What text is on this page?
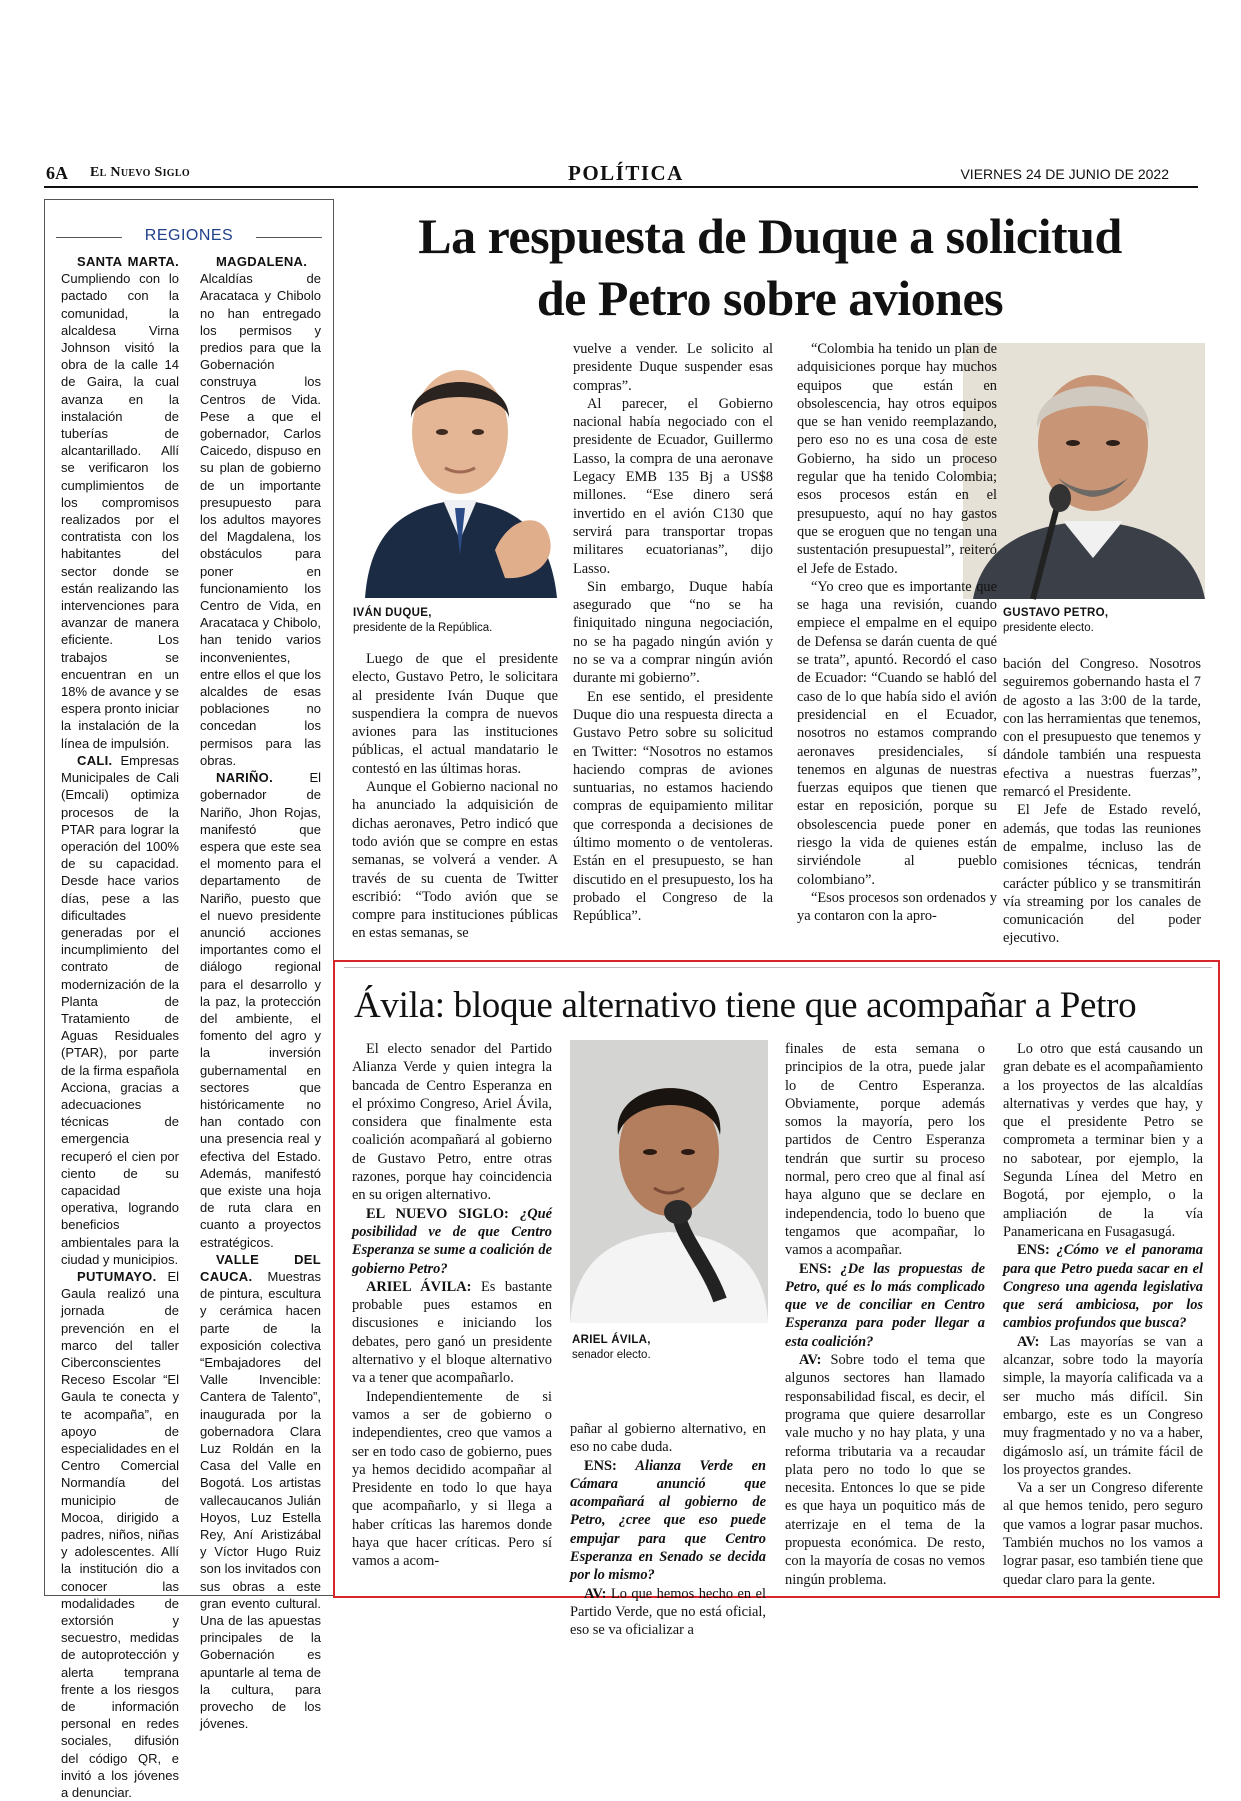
6A El Nuevo Siglo	POLÍTICA	VIERNES 24 DE JUNIO DE 2022
REGIONES

SANTA MARTA. Cumpliendo con lo pactado con la comunidad, la alcaldesa Virna Johnson visitó la obra de la calle 14 de Gaira, la cual avanza en la instalación de tuberías de alcantarillado. Allí se verificaron los cumplimientos de los compromisos realizados por el contratista con los habitantes del sector donde se están realizando las intervenciones para avanzar de manera eficiente. Los trabajos se encuentran en un 18% de avance y se espera pronto iniciar la instalación de la línea de impulsión.

CALI. Empresas Municipales de Cali (Emcali) optimiza procesos de la PTAR para lograr la operación del 100% de su capacidad. Desde hace varios días, pese a las dificultades generadas por el incumplimiento del contrato de modernización de la Planta de Tratamiento de Aguas Residuales (PTAR), por parte de la firma española Acciona, gracias a adecuaciones técnicas de emergencia recuperó el cien por ciento de su capacidad operativa, logrando beneficios ambientales para la ciudad y municipios.

PUTUMAYO. El Gaula realizó una jornada de prevención en el marco del taller Ciberconscientes Receso Escolar “El Gaula te conecta y te acompaña”, en apoyo de especialidades en el Centro Comercial Normandía del municipio de Mocoa, dirigido a padres, niños, niñas y adolescentes. Allí la institución dio a conocer las modalidades de extorsión y secuestro, medidas de autoprotección y alerta temprana frente a los riesgos de información personal en redes sociales, difusión del código QR, e invitó a los jóvenes a denunciar.

MAGDALENA. Alcaldías de Aracataca y Chibolo no han entregado los permisos y predios para que la Gobernación construya los Centros de Vida. Pese a que el gobernador, Carlos Caicedo, dispuso en su plan de gobierno de un importante presupuesto para los adultos mayores del Magdalena, los obstáculos para poner en funcionamiento los Centro de Vida, en Aracataca y Chibolo, han tenido varios inconvenientes, entre ellos el que los alcaldes de esas poblaciones no concedan los permisos para las obras.

NARIÑO.	El gobernador de Nariño, Jhon Rojas, manifestó que espera que este sea el momento para el departamento de Nariño, puesto que el nuevo presidente anunció acciones importantes como el diálogo regional para el desarrollo y la paz, la protección del ambiente, el fomento del agro y la inversión gubernamental en sectores que históricamente no han contado con una presencia real y efectiva del Estado. Además, manifestó que existe una hoja de ruta clara en cuanto a proyectos estratégicos.

VALLE DEL CAUCA. Muestras de pintura, escultura y cerámica hacen parte de la exposición colectiva “Embajadores del Valle Invencible: Cantera de Talento”, inaugurada por la gobernadora Clara Luz Roldán en la Casa del Valle en Bogotá. Los artistas vallecaucanos Julián Hoyos, Luz Estella Rey, Aní Aristizábal y Víctor Hugo Ruiz son los invitados con sus obras a este gran evento cultural. Una de las apuestas principales de la Gobernación es apuntarle al tema de la cultura, para provecho de los jóvenes.

La respuesta de Duque a solicitud
de Petro sobre aviones
IVÁN DUQUE,
presidente de la República.
GUSTAVO PETRO,
presidente electo.

Luego de que el presidente electo, Gustavo Petro, le solicitara al presidente Iván Duque que suspendiera la compra de nuevos aviones para las instituciones públicas, el actual mandatario le contestó en las últimas horas.

Aunque el Gobierno nacional no ha anunciado la adquisición de dichas aeronaves, Petro indicó que todo avión que se compre en estas semanas, se volverá a vender. A través de su cuenta de Twitter escribió: “Todo avión que se compre para instituciones públicas en estas semanas, se

vuelve a vender. Le solicito al presidente Duque suspender esas compras”.

Al parecer, el Gobierno nacional había negociado con el presidente de Ecuador, Guillermo Lasso, la compra de una aeronave Legacy EMB 135 Bj a US$8 millones. “Ese dinero será invertido en el avión C130 que servirá para transportar tropas militares ecuatorianas”, dijo Lasso.

Sin embargo, Duque había asegurado que “no se ha finiquitado ninguna negociación, no se ha pagado ningún avión y no se va a comprar ningún avión durante mi gobierno”.

En ese sentido, el presidente Duque dio una respuesta directa a Gustavo Petro sobre su solicitud en Twitter: “Nosotros no estamos haciendo compras de aviones suntuarias, no estamos haciendo compras de equipamiento militar que corresponda a decisiones de último momento o de ventoleras. Están en el presupuesto, se han discutido en el presupuesto, los ha probado el Congreso de la República”.

“Colombia ha tenido un plan de adquisiciones porque hay muchos equipos que están en obsolescencia, hay otros equipos que se han venido reemplazando, pero eso no es una cosa de este Gobierno, ha sido un proceso regular que ha tenido Colombia; esos procesos están en el presupuesto, aquí no hay gastos que se eroguen que no tengan una sustentación presupuestal”, reiteró el Jefe de Estado.

“Yo creo que es importante que se haga una revisión, cuando empiece el empalme en el equipo de Defensa se darán cuenta de qué se trata”, apuntó. Recordó el caso de Ecuador: “Cuando se habló del caso de lo que había sido el avión presidencial en el Ecuador, nosotros no estamos comprando aeronaves presidenciales, sí tenemos en algunas de nuestras fuerzas equipos que tienen que estar en reposición, porque su obsolescencia puede poner en riesgo la vida de quienes están sirviéndole al pueblo colombiano”.

“Esos procesos son ordenados y ya contaron con la apro-

bación del Congreso. Nosotros seguiremos gobernando hasta el 7 de agosto a las 3:00 de la tarde, con las herramientas que tenemos, con el presupuesto que tenemos y dándole también una respuesta efectiva a nuestras fuerzas”, remarcó el Presidente.

El Jefe de Estado reveló, además, que todas las reuniones de empalme, incluso las de comisiones técnicas, tendrán carácter público y se transmitirán vía streaming por los canales de comunicación del poder ejecutivo.

Ávila: bloque alternativo tiene que acompañar a Petro

El electo senador del Partido Alianza Verde y quien integra la bancada de Centro Esperanza en el próximo Congreso, Ariel Ávila, considera que finalmente esta coalición acompañará al gobierno de Gustavo Petro, entre otras razones, porque hay coincidencia en su origen alternativo.

EL NUEVO SIGLO: ¿Qué posibilidad ve de que Centro Esperanza se sume a coalición de gobierno Petro?

ARIEL ÁVILA: Es bastante probable pues estamos en discusiones e iniciando los debates, pero ganó un presidente alternativo y el bloque alternativo va a tener que acompañarlo.

Independientemente de si vamos a ser de gobierno o independientes, creo que vamos a ser en todo caso de gobierno, pues ya hemos decidido acompañar al Presidente en todo lo que haya que acompañarlo, y si llega a haber críticas las haremos donde haya que hacer críticas. Pero sí vamos a acom-

ARIEL ÁVILA,
senador electo.

pañar al gobierno alternativo, en eso no cabe duda.

ENS: Alianza Verde en Cámara anunció que acompañará al gobierno de Petro, ¿cree que eso puede empujar para que Centro Esperanza en Senado se decida por lo mismo?

AV: Lo que hemos hecho en el Partido Verde, que no está oficial, eso se va oficializar a

finales de esta semana o principios de la otra, puede jalar lo de Centro Esperanza. Obviamente, porque además somos la mayoría, pero los partidos de Centro Esperanza tendrán que surtir su proceso normal, pero creo que al final así haya alguno que se declare en independencia, todo lo bueno que tengamos que acompañar, lo vamos a acompañar.

ENS: ¿De las propuestas de Petro, qué es lo más complicado que ve de conciliar en Centro Esperanza para poder llegar a esta coalición?

AV: Sobre todo el tema que algunos sectores han llamado responsabilidad fiscal, es decir, el programa que quiere desarrollar vale mucho y no hay plata, y una reforma tributaria va a recaudar plata pero no todo lo que se necesita. Entonces lo que se pide es que haya un poquitico más de aterrizaje en el tema de la propuesta económica. De resto, con la mayoría de cosas no vemos ningún problema.

Lo otro que está causando un gran debate es el acompañamiento a los proyectos de las alcaldías alternativas y verdes que hay, y que el presidente Petro se comprometa a terminar bien y a no sabotear, por ejemplo, la Segunda Línea del Metro en Bogotá, por ejemplo, o la ampliación de la vía Panamericana en Fusagasugá.

ENS: ¿Cómo ve el panorama para que Petro pueda sacar en el Congreso una agenda legislativa que será ambiciosa, por los cambios profundos que busca?

AV: Las mayorías se van a alcanzar, sobre todo la mayoría simple, la mayoría calificada va a ser mucho más difícil. Sin embargo, este es un Congreso muy fragmentado y no va a haber, digámoslo así, un trámite fácil de los proyectos grandes.

Va a ser un Congreso diferente al que hemos tenido, pero seguro que vamos a lograr pasar muchos. También muchos no los vamos a lograr pasar, eso también tiene que quedar claro para la gente.
